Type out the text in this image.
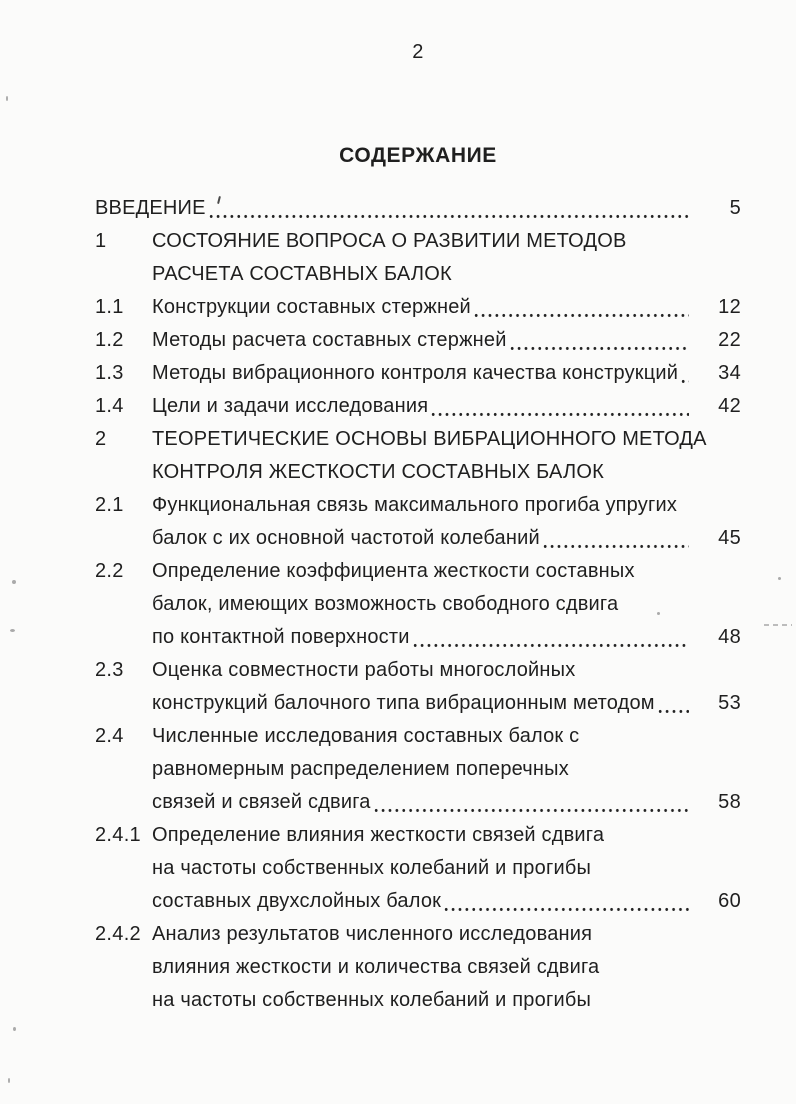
2
СОДЕРЖАНИЕ
ВВЕДЕНИЕ	5
1	СОСТОЯНИЕ ВОПРОСА О РАЗВИТИИ МЕТОДОВ
РАСЧЕТА СОСТАВНЫХ БАЛОК
1.1	Конструкции составных стержней	12
1.2	Методы расчета составных стержней	22
1.3	Методы вибрационного контроля качества конструкций	34
1.4	Цели и задачи исследования	42
2	ТЕОРЕТИЧЕСКИЕ ОСНОВЫ ВИБРАЦИОННОГО МЕТОДА
КОНТРОЛЯ ЖЕСТКОСТИ СОСТАВНЫХ БАЛОК
2.1	Функциональная связь максимального прогиба упругих
балок с их основной частотой колебаний	45
2.2	Определение коэффициента жесткости составных
балок, имеющих возможность свободного сдвига
по контактной поверхности	48
2.3	Оценка совместности работы многослойных
конструкций балочного типа вибрационным методом	53
2.4	Численные исследования составных балок с
равномерным распределением поперечных
связей и связей сдвига	58
2.4.1 Определение влияния жесткости связей сдвига
на частоты собственных колебаний и прогибы
составных двухслойных балок	60
2.4.2 Анализ результатов численного исследования
влияния жесткости и количества связей сдвига
на частоты собственных колебаний и прогибы
